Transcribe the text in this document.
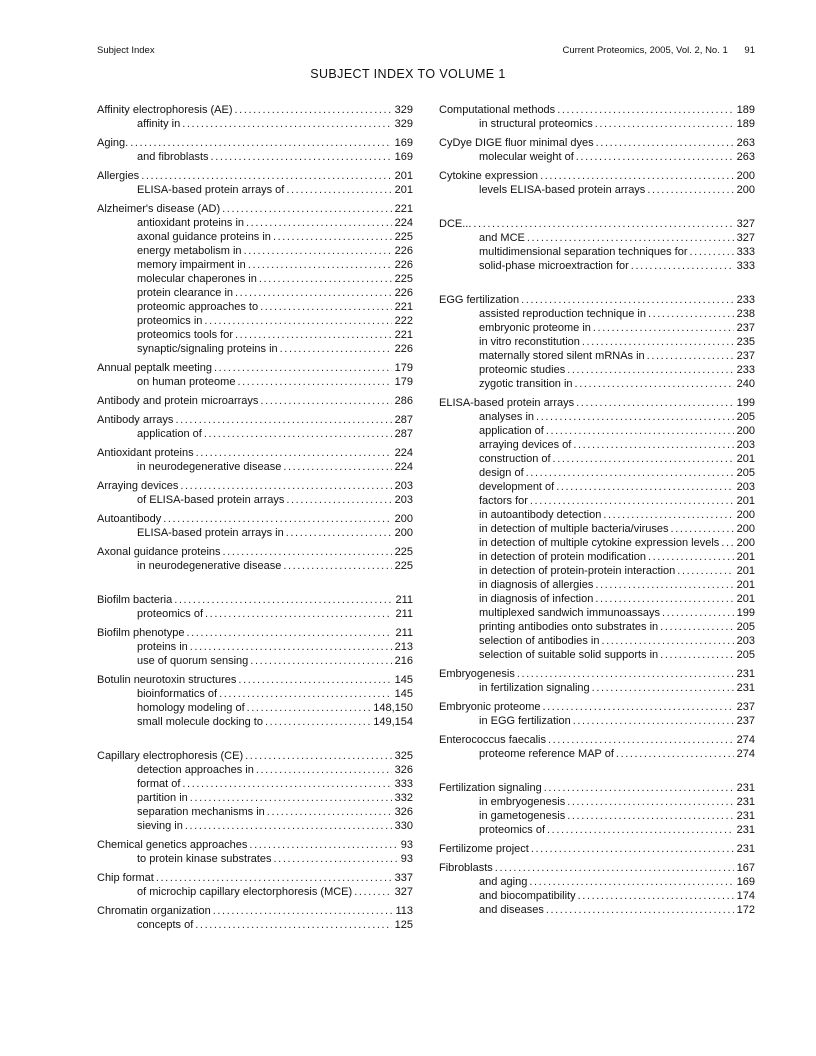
Subject Index	Current Proteomics, 2005, Vol. 2, No. 1 91
SUBJECT INDEX TO VOLUME 1
Affinity electrophoresis (AE) .....	329
affinity in .....	329
Aging. .....	169
and fibroblasts .....	169
Allergies .....	201
ELISA-based protein arrays of .....	201
Alzheimer's disease (AD) .....	221
antioxidant proteins in .....	224
axonal guidance proteins in .....	225
energy metabolism in .....	226
memory impairment in .....	226
molecular chaperones in .....	225
protein clearance in .....	226
proteomic approaches to .....	221
proteomics in .....	222
proteomics tools for .....	221
synaptic/signaling proteins in .....	226
Annual peptalk meeting .....	179
on human proteome .....	179
Antibody and protein microarrays .....	286
Antibody arrays .....	287
application of .....	287
Antioxidant proteins .....	224
in neurodegenerative disease .....	224
Arraying devices .....	203
of ELISA-based protein arrays .....	203
Autoantibody .....	200
ELISA-based protein arrays in .....	200
Axonal guidance proteins .....	225
in neurodegenerative disease .....	225
Biofilm bacteria .....	211
proteomics of .....	211
Biofilm phenotype .....	211
proteins in .....	213
use of quorum sensing .....	216
Botulin neurotoxin structures .....	145
bioinformatics of .....	145
homology modeling of .....	148,150
small molecule docking to .....	149,154
Capillary electrophoresis (CE) .....	325
detection approaches in .....	326
format of .....	333
partition in .....	332
separation mechanisms in .....	326
sieving in .....	330
Chemical genetics approaches .....	93
to protein kinase substrates .....	93
Chip format .....	337
of microchip capillary electorphoresis (MCE) .....	327
Chromatin organization .....	113
concepts of .....	125
Computational methods .....	189
in structural proteomics .....	189
CyDye DIGE fluor minimal dyes .....	263
molecular weight of .....	263
Cytokine expression .....	200
levels ELISA-based protein arrays .....	200
DCE... .....	327
and MCE .....	327
multidimensional separation techniques for .....	333
solid-phase microextraction for .....	333
EGG fertilization .....	233
assisted reproduction technique in .....	238
embryonic proteome in .....	237
in vitro reconstitution .....	235
maternally stored silent mRNAs in .....	237
proteomic studies .....	233
zygotic transition in .....	240
ELISA-based protein arrays .....	199
analyses in .....	205
application of .....	200
arraying devices of .....	203
construction of .....	201
design of .....	205
development of .....	203
factors for .....	201
in autoantibody detection .....	200
in detection of multiple bacteria/viruses .....	200
in detection of multiple cytokine expression levels ..... 200
in detection of protein modification .....	201
in detection of protein-protein interaction .....	201
in diagnosis of allergies .....	201
in diagnosis of infection .....	201
multiplexed sandwich immunoassays .....	199
printing antibodies onto substrates in .....	205
selection of antibodies in .....	203
selection of suitable solid supports in .....	205
Embryogenesis .....	231
in fertilization signaling .....	231
Embryonic proteome .....	237
in EGG fertilization .....	237
Enterococcus faecalis .....	274
proteome reference MAP of .....	274
Fertilization signaling .....	231
in embryogenesis .....	231
in gametogenesis .....	231
proteomics of .....	231
Fertilizome project .....	231
Fibroblasts .....	167
and aging .....	169
and biocompatibility .....	174
and diseases .....	172
